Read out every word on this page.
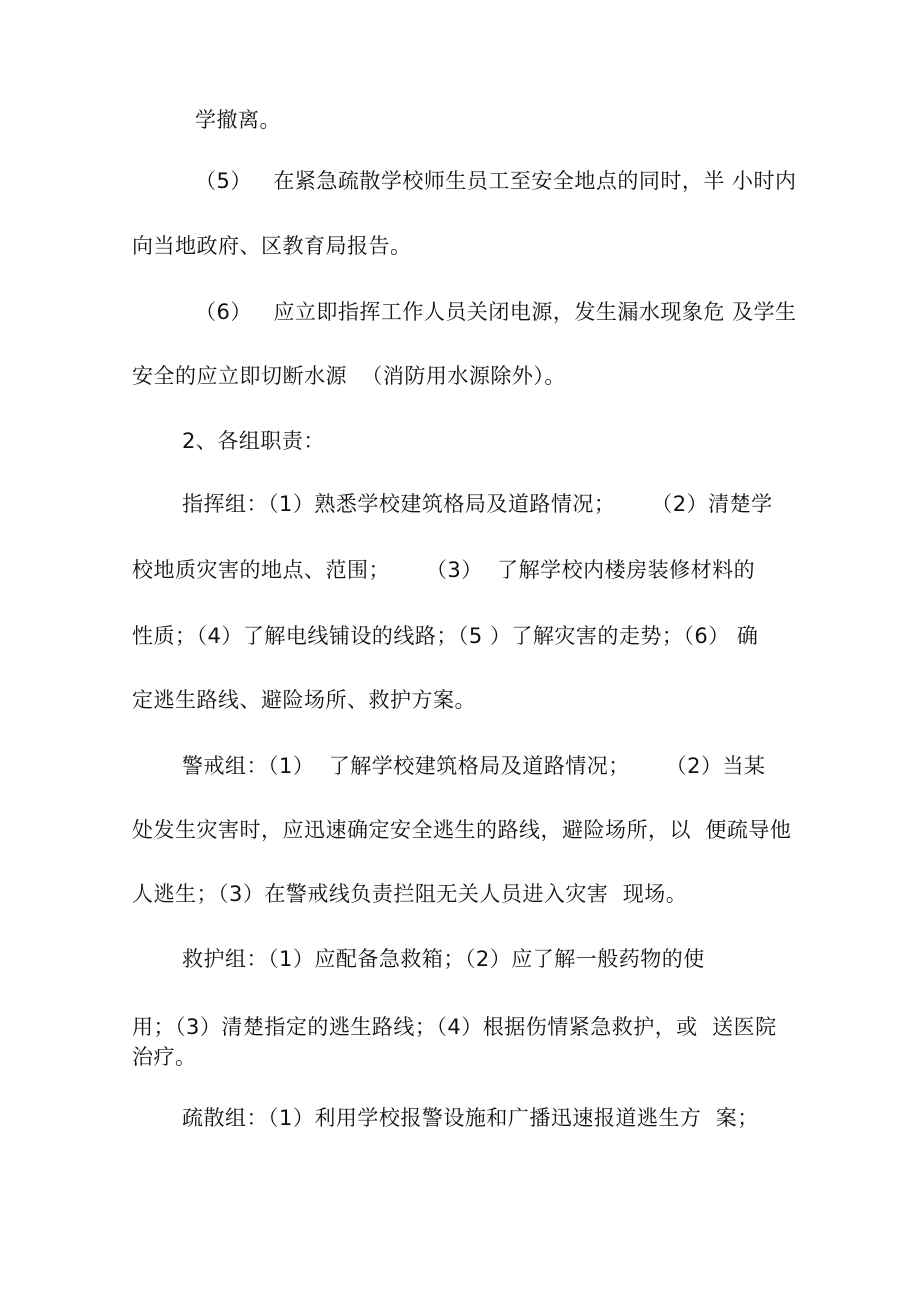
学撤离。
（5）   在紧急疏散学校师生员工至安全地点的同时，半 小时内
向当地政府、区教育局报告。
（6）   应立即指挥工作人员关闭电源，发生漏水现象危 及学生
安全的应立即切断水源  （消防用水源除外）。
2、各组职责：
指挥组：（1）熟悉学校建筑格局及道路情况；     （2）清楚学
校地质灾害的地点、范围；     （3）  了解学校内楼房装修材料的
性质；（4）了解电线铺设的线路；（5 ）了解灾害的走势；（6） 确
定逃生路线、避险场所、救护方案。
警戒组：（1）  了解学校建筑格局及道路情况；     （2）当某
处发生灾害时，应迅速确定安全逃生的路线，避险场所，以  便疏导他
人逃生；（3）在警戒线负责拦阻无关人员进入灾害  现场。
救护组：（1）应配备急救箱；（2）应了解一般药物的使
用；（3）清楚指定的逃生路线；（4）根据伤情紧急救护，或  送医院
治疗。
疏散组：（1）利用学校报警设施和广播迅速报道逃生方  案；
